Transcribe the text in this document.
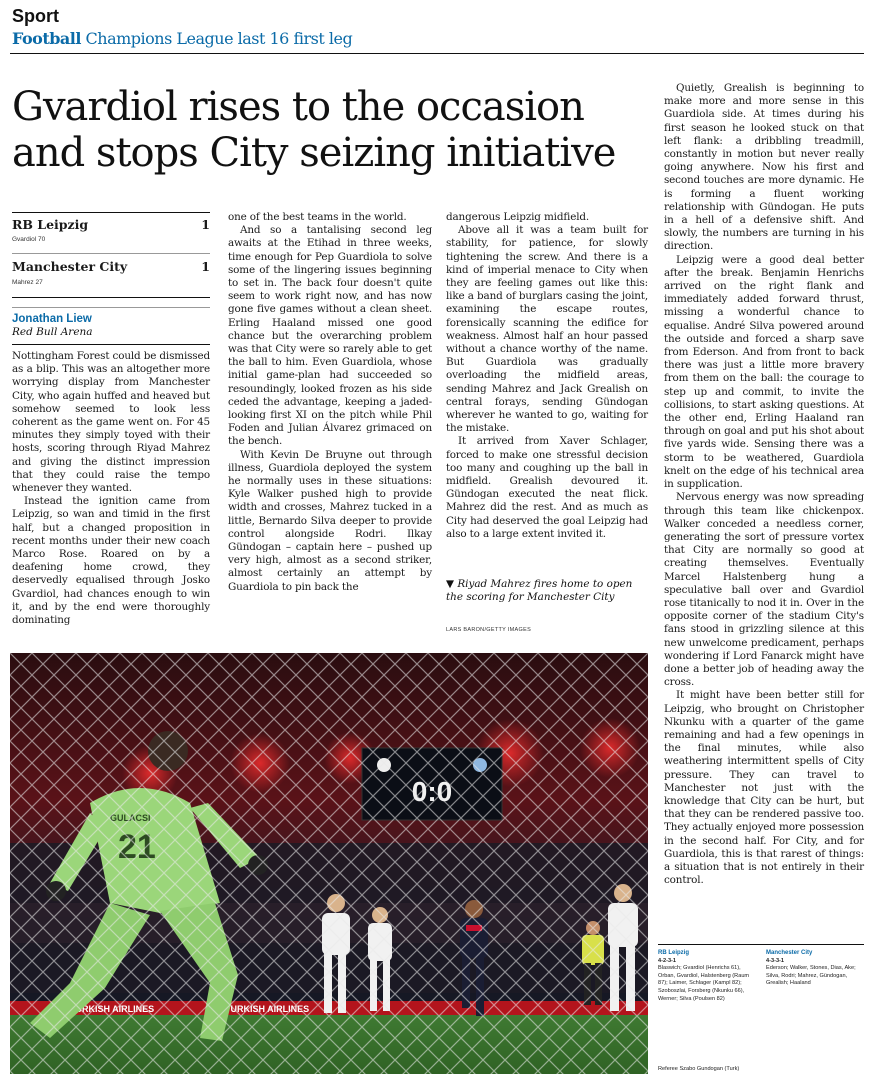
Sport
Football Champions League last 16 first leg
Gvardiol rises to the occasion and stops City seizing initiative
RB Leipzig	1
Gvardiol 70
Manchester City	1
Mahrez 27
Jonathan Liew
Red Bull Arena

Nottingham Forest could be dismissed as a blip. This was an altogether more worrying display from Manchester City, who again huffed and heaved but somehow seemed to look less coherent as the game went on. For 45 minutes they simply toyed with their hosts, scoring through Riyad Mahrez and giving the distinct impression that they could raise the tempo whenever they wanted.

Instead the ignition came from Leipzig, so wan and timid in the first half, but a changed proposition in recent months under their new coach Marco Rose. Roared on by a deafening home crowd, they deservedly equalised through Josko Gvardiol, had chances enough to win it, and by the end were thoroughly dominating

one of the best teams in the world.

And so a tantalising second leg awaits at the Etihad in three weeks, time enough for Pep Guardiola to solve some of the lingering issues beginning to set in. The back four doesn't quite seem to work right now, and has now gone five games without a clean sheet. Erling Haaland missed one good chance but the overarching problem was that City were so rarely able to get the ball to him. Even Guardiola, whose initial game-plan had succeeded so resoundingly, looked frozen as his side ceded the advantage, keeping a jaded-looking first XI on the pitch while Phil Foden and Julian Álvarez grimaced on the bench.

With Kevin De Bruyne out through illness, Guardiola deployed the system he normally uses in these situations: Kyle Walker pushed high to provide width and crosses, Mahrez tucked in a little, Bernardo Silva deeper to provide control alongside Rodri. Ilkay Gündogan – captain here – pushed up very high, almost as a second striker, almost certainly an attempt by Guardiola to pin back the

dangerous Leipzig midfield.

Above all it was a team built for stability, for patience, for slowly tightening the screw. And there is a kind of imperial menace to City when they are feeling games out like this: like a band of burglars casing the joint, examining the escape routes, forensically scanning the edifice for weakness. Almost half an hour passed without a chance worthy of the name. But Guardiola was gradually overloading the midfield areas, sending Mahrez and Jack Grealish on central forays, sending Gündogan wherever he wanted to go, waiting for the mistake.

It arrived from Xaver Schlager, forced to make one stressful decision too many and coughing up the ball in midfield. Grealish devoured it. Gündogan executed the neat flick. Mahrez did the rest. And as much as City had deserved the goal Leipzig had also to a large extent invited it.

▼ Riyad Mahrez fires home to open the scoring for Manchester City
LARS BARON/GETTY IMAGES

Quietly, Grealish is beginning to make more and more sense in this Guardiola side. At times during his first season he looked stuck on that left flank: a dribbling treadmill, constantly in motion but never really going anywhere. Now his first and second touches are more dynamic. He is forming a fluent working relationship with Gündogan. He puts in a hell of a defensive shift. And slowly, the numbers are turning in his direction.

Leipzig were a good deal better after the break. Benjamin Henrichs arrived on the right flank and immediately added forward thrust, missing a wonderful chance to equalise. André Silva powered around the outside and forced a sharp save from Ederson. And from front to back there was just a little more bravery from them on the ball: the courage to step up and commit, to invite the collisions, to start asking questions. At the other end, Erling Haaland ran through on goal and put his shot about five yards wide. Sensing there was a storm to be weathered, Guardiola knelt on the edge of his technical area in supplication.

Nervous energy was now spreading through this team like chickenpox. Walker conceded a needless corner, generating the sort of pressure vortex that City are normally so good at creating themselves. Eventually Marcel Halstenberg hung a speculative ball over and Gvardiol rose titanically to nod it in. Over in the opposite corner of the stadium City's fans stood in grizzling silence at this new unwelcome predicament, perhaps wondering if Lord Fanarck might have done a better job of heading away the cross.

It might have been better still for Leipzig, who brought on Christopher Nkunku with a quarter of the game remaining and had a few openings in the final minutes, while also weathering intermittent spells of City pressure. They can travel to Manchester not just with the knowledge that City can be hurt, but that they can be rendered passive too. They actually enjoyed more possession in the second half. For City, and for Guardiola, this is that rarest of things: a situation that is not entirely in their control.

RB Leipzig
4-2-3-1
Blaswich; Gvardiol (Henrichs 61), Orban, Gvardiol, Halstenberg (Raum 87); Laimer, Schlager (Kampl 82); Szoboszlai, Forsberg (Nkunku 66), Werner; Silva (Poulsen 82)
Manchester City
4-3-3-1
Ederson; Walker, Stones, Dias, Ake; Silva, Rodri; Mahrez, Gündogan, Grealish; Haaland
Referee Szabo Gundogan (Turk)
